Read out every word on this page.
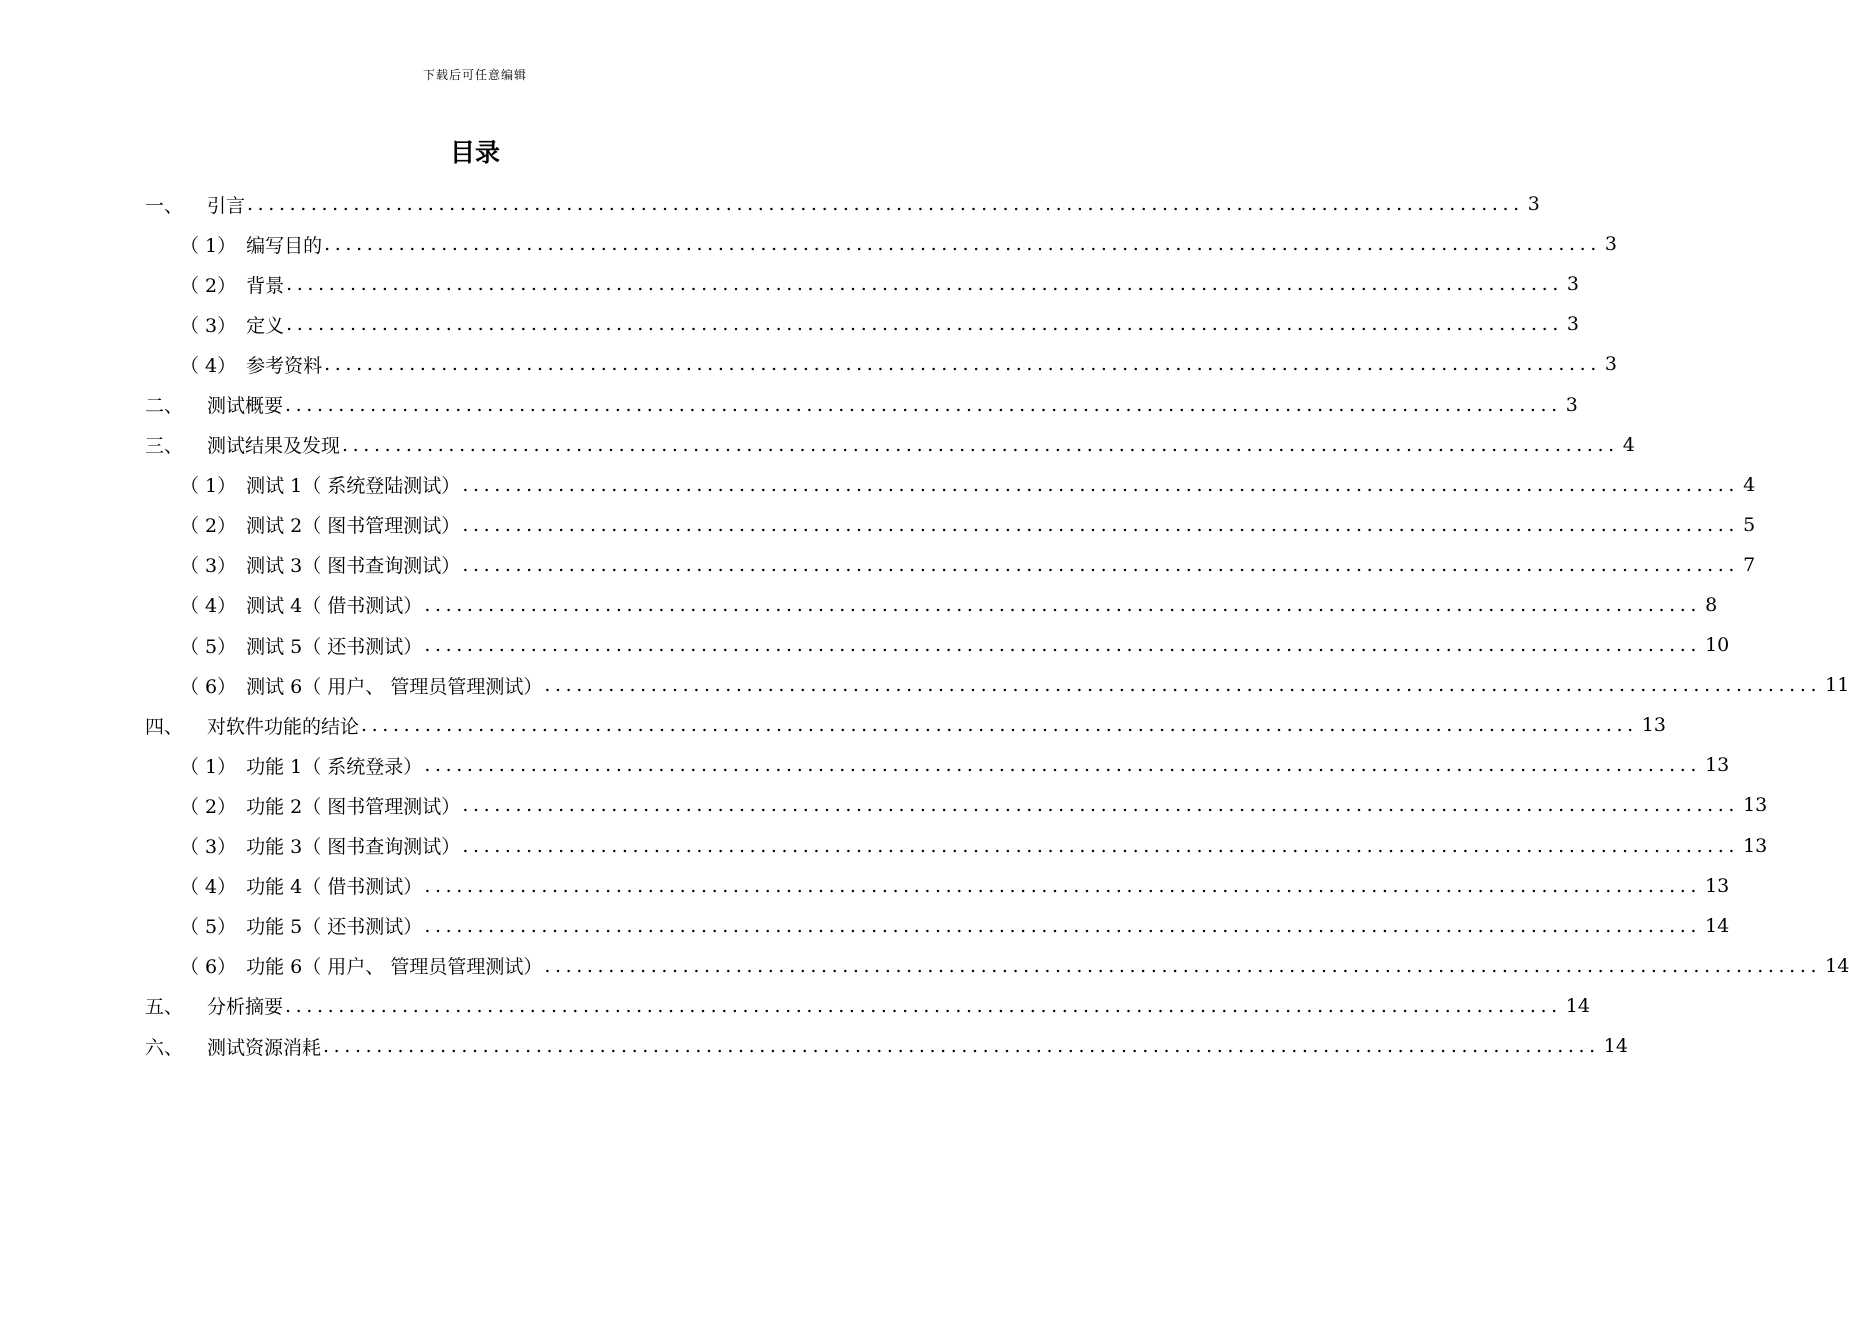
下载后可任意编辑
目录
一、 引言 ........................................................................................................................ 3
（ 1） 编写目的 ........................................................................................................................ 3
（ 2） 背景 ........................................................................................................................ 3
（ 3） 定义 ........................................................................................................................ 3
（ 4） 参考资料 ........................................................................................................................ 3
二、 测试概要 ........................................................................................................................ 3
三、 测试结果及发现 ........................................................................................................................ 4
（ 1） 测试 1（ 系统登陆测试） ........................................................................................................................ 4
（ 2） 测试 2（ 图书管理测试） ........................................................................................................................ 5
（ 3） 测试 3（ 图书查询测试） ........................................................................................................................ 7
（ 4） 测试 4（ 借书测试） ........................................................................................................................ 8
（ 5） 测试 5（ 还书测试） ........................................................................................................................ 10
（ 6） 测试 6（ 用户、 管理员管理测试） ........................................................................................................................ 11
四、 对软件功能的结论 ........................................................................................................................ 13
（ 1） 功能 1（ 系统登录） ........................................................................................................................ 13
（ 2） 功能 2（ 图书管理测试） ........................................................................................................................ 13
（ 3） 功能 3（ 图书查询测试） ........................................................................................................................ 13
（ 4） 功能 4（ 借书测试） ........................................................................................................................ 13
（ 5） 功能 5（ 还书测试） ........................................................................................................................ 14
（ 6） 功能 6（ 用户、 管理员管理测试） ........................................................................................................................ 14
五、 分析摘要 ........................................................................................................................ 14
六、 测试资源消耗 ........................................................................................................................ 14
